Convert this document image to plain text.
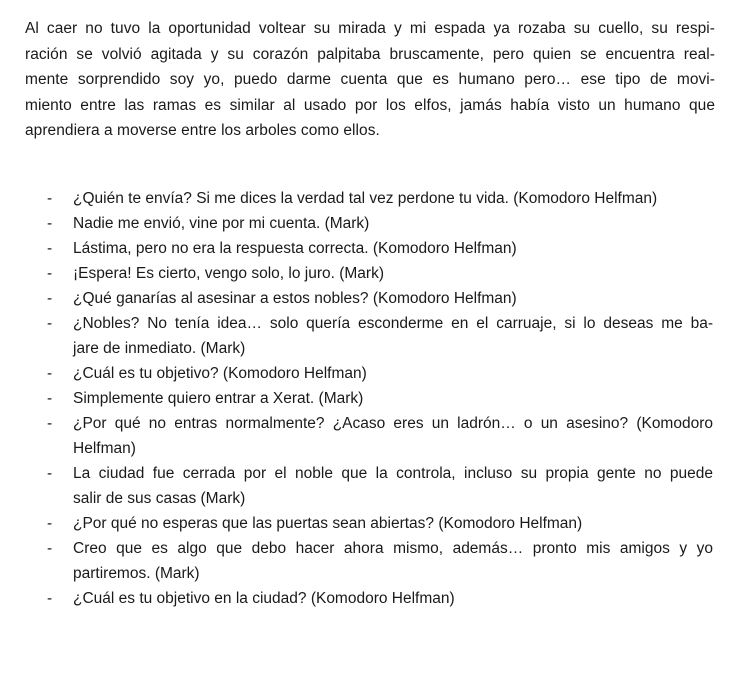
Al caer no tuvo la oportunidad voltear su mirada y mi espada ya rozaba su cuello, su respi-
ración se volvió agitada y su corazón palpitaba bruscamente, pero quien se encuentra real-
mente sorprendido soy yo, puedo darme cuenta que es humano pero… ese tipo de movi-
miento entre las ramas es similar al usado por los elfos, jamás había visto un humano que
aprendiera a moverse entre los arboles como ellos.
-	¿Quién te envía? Si me dices la verdad tal vez perdone tu vida. (Komodoro Helfman)
-	Nadie me envió, vine por mi cuenta. (Mark)
-	Lástima, pero no era la respuesta correcta. (Komodoro Helfman)
-	¡Espera! Es cierto, vengo solo, lo juro. (Mark)
-	¿Qué ganarías al asesinar a estos nobles? (Komodoro Helfman)
-	¿Nobles? No tenía idea… solo quería esconderme en el carruaje, si lo deseas me ba-
jare de inmediato. (Mark)
-	¿Cuál es tu objetivo? (Komodoro Helfman)
-	Simplemente quiero entrar a Xerat. (Mark)
-	¿Por qué no entras normalmente? ¿Acaso eres un ladrón… o un asesino? (Komodoro
Helfman)
-	La ciudad fue cerrada por el noble que la controla, incluso su propia gente no puede
salir de sus casas (Mark)
-	¿Por qué no esperas que las puertas sean abiertas? (Komodoro Helfman)
-	Creo que es algo que debo hacer ahora mismo, además… pronto mis amigos y yo
partiremos. (Mark)
-	¿Cuál es tu objetivo en la ciudad? (Komodoro Helfman)
